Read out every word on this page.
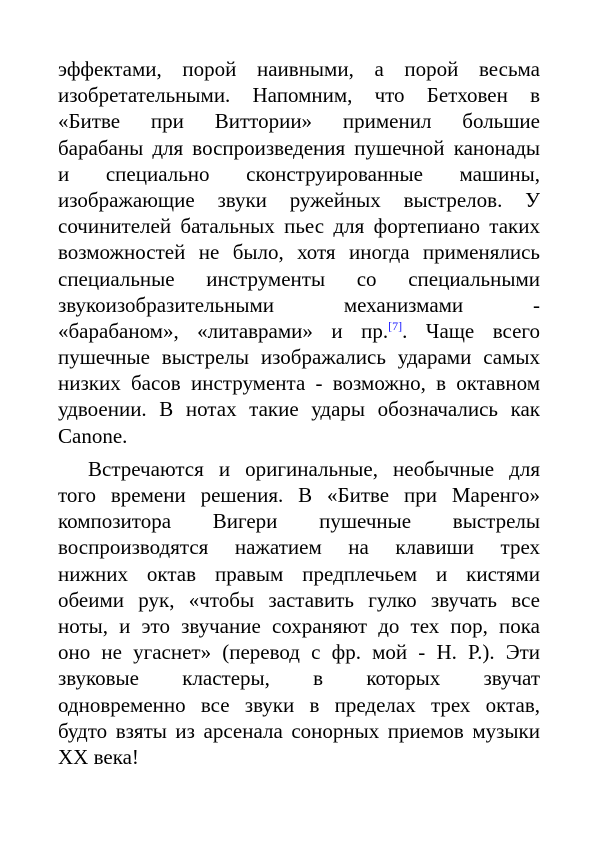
эффектами, порой наивными, а порой весьма
изобретательными. Напомним, что Бетховен в
«Битве при Виттории» применил большие
барабаны для воспроизведения пушечной канонады
и специально сконструированные машины,
изображающие звуки ружейных выстрелов. У
сочинителей батальных пьес для фортепиано таких
возможностей не было, хотя иногда применялись
специальные инструменты со специальными
звукоизобразительными механизмами -
«барабаном», «литаврами» и пр.[7]. Чаще всего
пушечные выстрелы изображались ударами самых
низких басов инструмента - возможно, в октавном
удвоении. В нотах такие удары обозначались как
Canone.
Встречаются и оригинальные, необычные для
того времени решения. В «Битве при Маренго»
композитора Вигери пушечные выстрелы
воспроизводятся нажатием на клавиши трех
нижних октав правым предплечьем и кистями
обеими рук, «чтобы заставить гулко звучать все
ноты, и это звучание сохраняют до тех пор, пока
оно не угаснет» (перевод с фр. мой - Н. Р.). Эти
звуковые кластеры, в которых звучат
одновременно все звуки в пределах трех октав,
будто взяты из арсенала сонорных приемов музыки
XX века!
